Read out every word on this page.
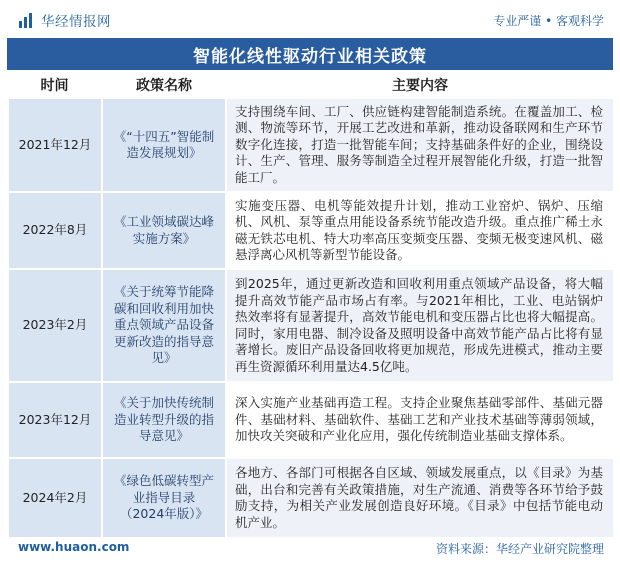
华经情报网	专业严谨 • 客观科学
智能化线性驱动行业相关政策
时间	政策名称	主要内容
2021年12月	《“十四五”智能制造发展规划》	支持围绕车间、工厂、供应链构建智能制造系统。在覆盖加工、检测、物流等环节，开展工艺改进和革新，推动设备联网和生产环节数字化连接，打造一批智能车间；支持基础条件好的企业，围绕设计、生产、管理、服务等制造全过程开展智能化升级，打造一批智能工厂。
2022年8月	《工业领域碳达峰实施方案》	实施变压器、电机等能效提升计划，推动工业窑炉、锅炉、压缩机、风机、泵等重点用能设备系统节能改造升级。重点推广稀土永磁无铁芯电机、特大功率高压变频变压器、变频无极变速风机、磁悬浮离心风机等新型节能设备。
2023年2月	《关于统筹节能降碳和回收利用加快重点领域产品设备更新改造的指导意见》	到2025年，通过更新改造和回收利用重点领域产品设备，将大幅提升高效节能产品市场占有率。与2021年相比，工业、电站锅炉热效率将有显著提升，高效节能电机和变压器占比也将大幅提高。同时，家用电器、制冷设备及照明设备中高效节能产品占比将有显著增长。废旧产品设备回收将更加规范，形成先进模式，推动主要再生资源循环利用量达4.5亿吨。
2023年12月	《关于加快传统制造业转型升级的指导意见》	深入实施产业基础再造工程。支持企业聚焦基础零部件、基础元器件、基础材料、基础软件、基础工艺和产业技术基础等薄弱领域，加快攻关突破和产业化应用，强化传统制造业基础支撑体系。
2024年2月	《绿色低碳转型产业指导目录（2024年版）》	各地方、各部门可根据各自区域、领域发展重点，以《目录》为基础，出台和完善有关政策措施，对生产流通、消费等各环节给予鼓励支持，为相关产业发展创造良好环境。《目录》中包括节能电动机产业。
www.huaon.com	资料来源：华经产业研究院整理
